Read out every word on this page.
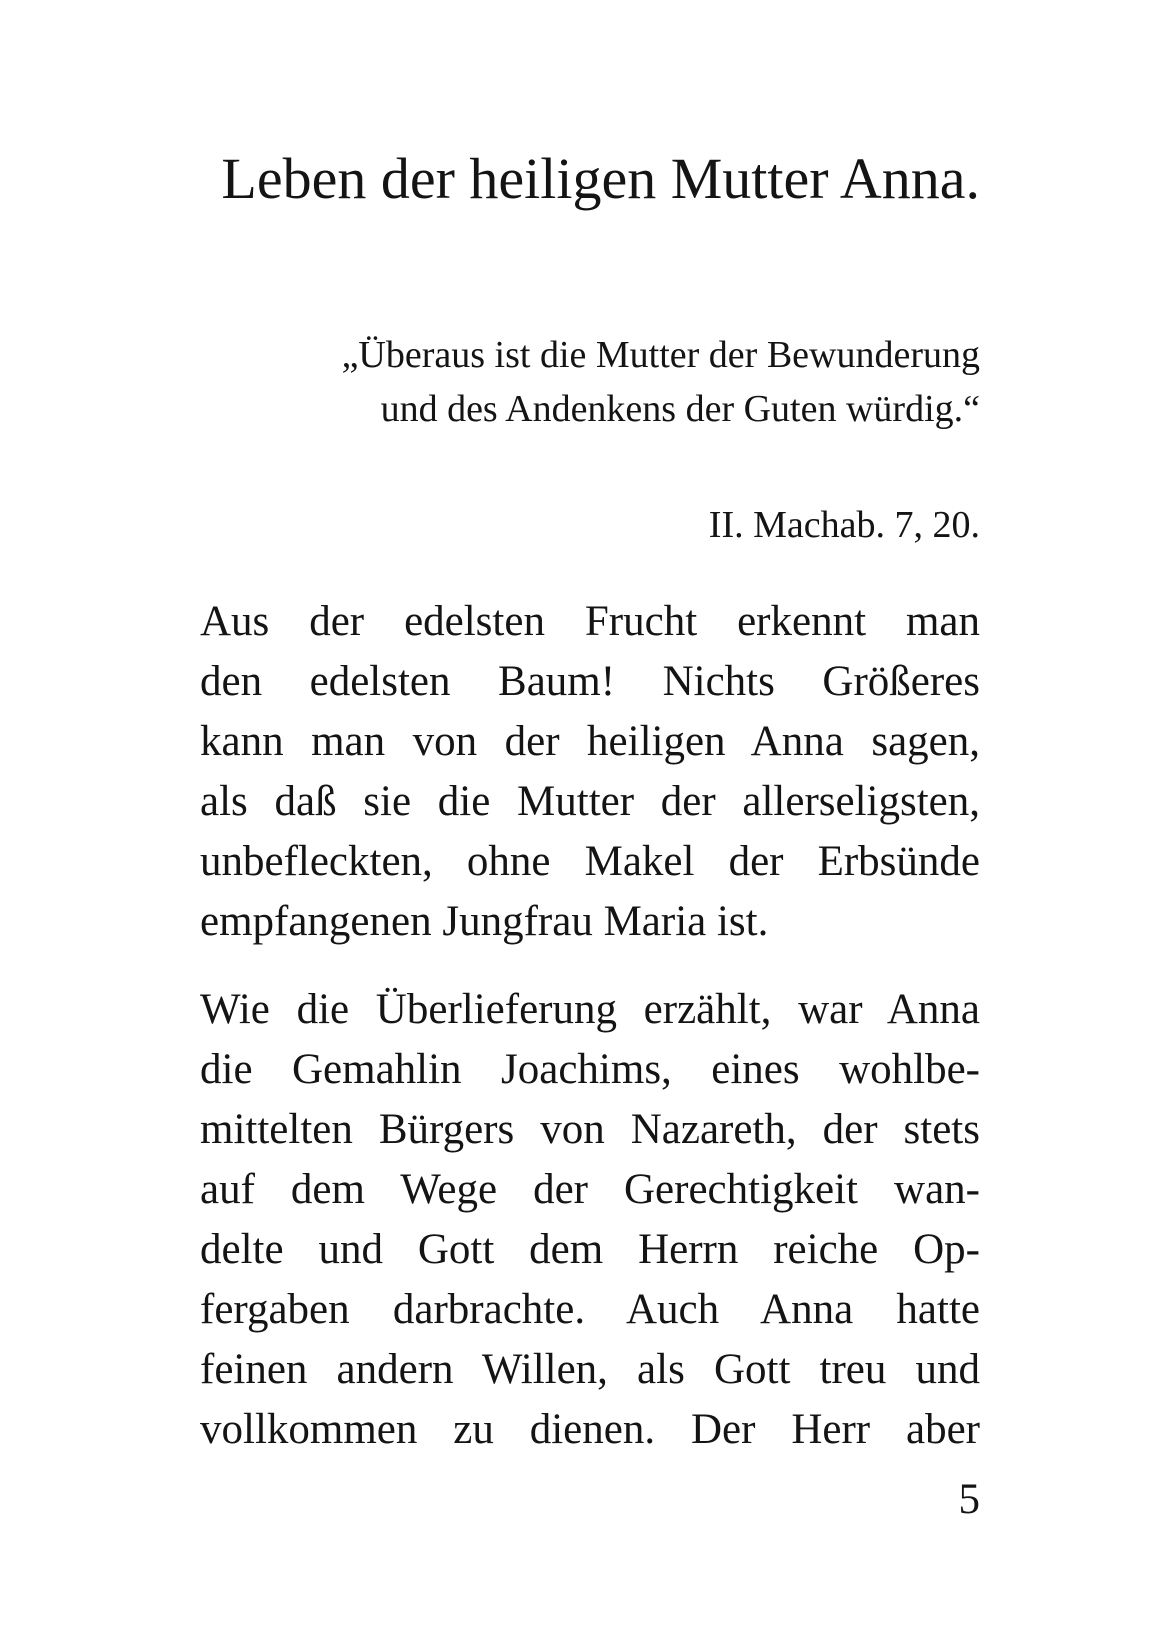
Leben der heiligen Mutter Anna.
„Überaus ist die Mutter der Bewunderung
und des Andenkens der Guten würdig.“
II. Machab. 7, 20.
Aus der edelsten Frucht erkennt man
den edelsten Baum! Nichts Größeres
kann man von der heiligen Anna sagen,
als daß sie die Mutter der allerseligsten,
unbefleckten, ohne Makel der Erbsünde
empfangenen Jungfrau Maria ist.
Wie die Überlieferung erzählt, war Anna
die Gemahlin Joachims, eines wohlbe-
mittelten Bürgers von Nazareth, der stets
auf dem Wege der Gerechtigkeit wan-
delte und Gott dem Herrn reiche Op-
fergaben darbrachte. Auch Anna hatte
feinen andern Willen, als Gott treu und
vollkommen zu dienen. Der Herr aber
5
